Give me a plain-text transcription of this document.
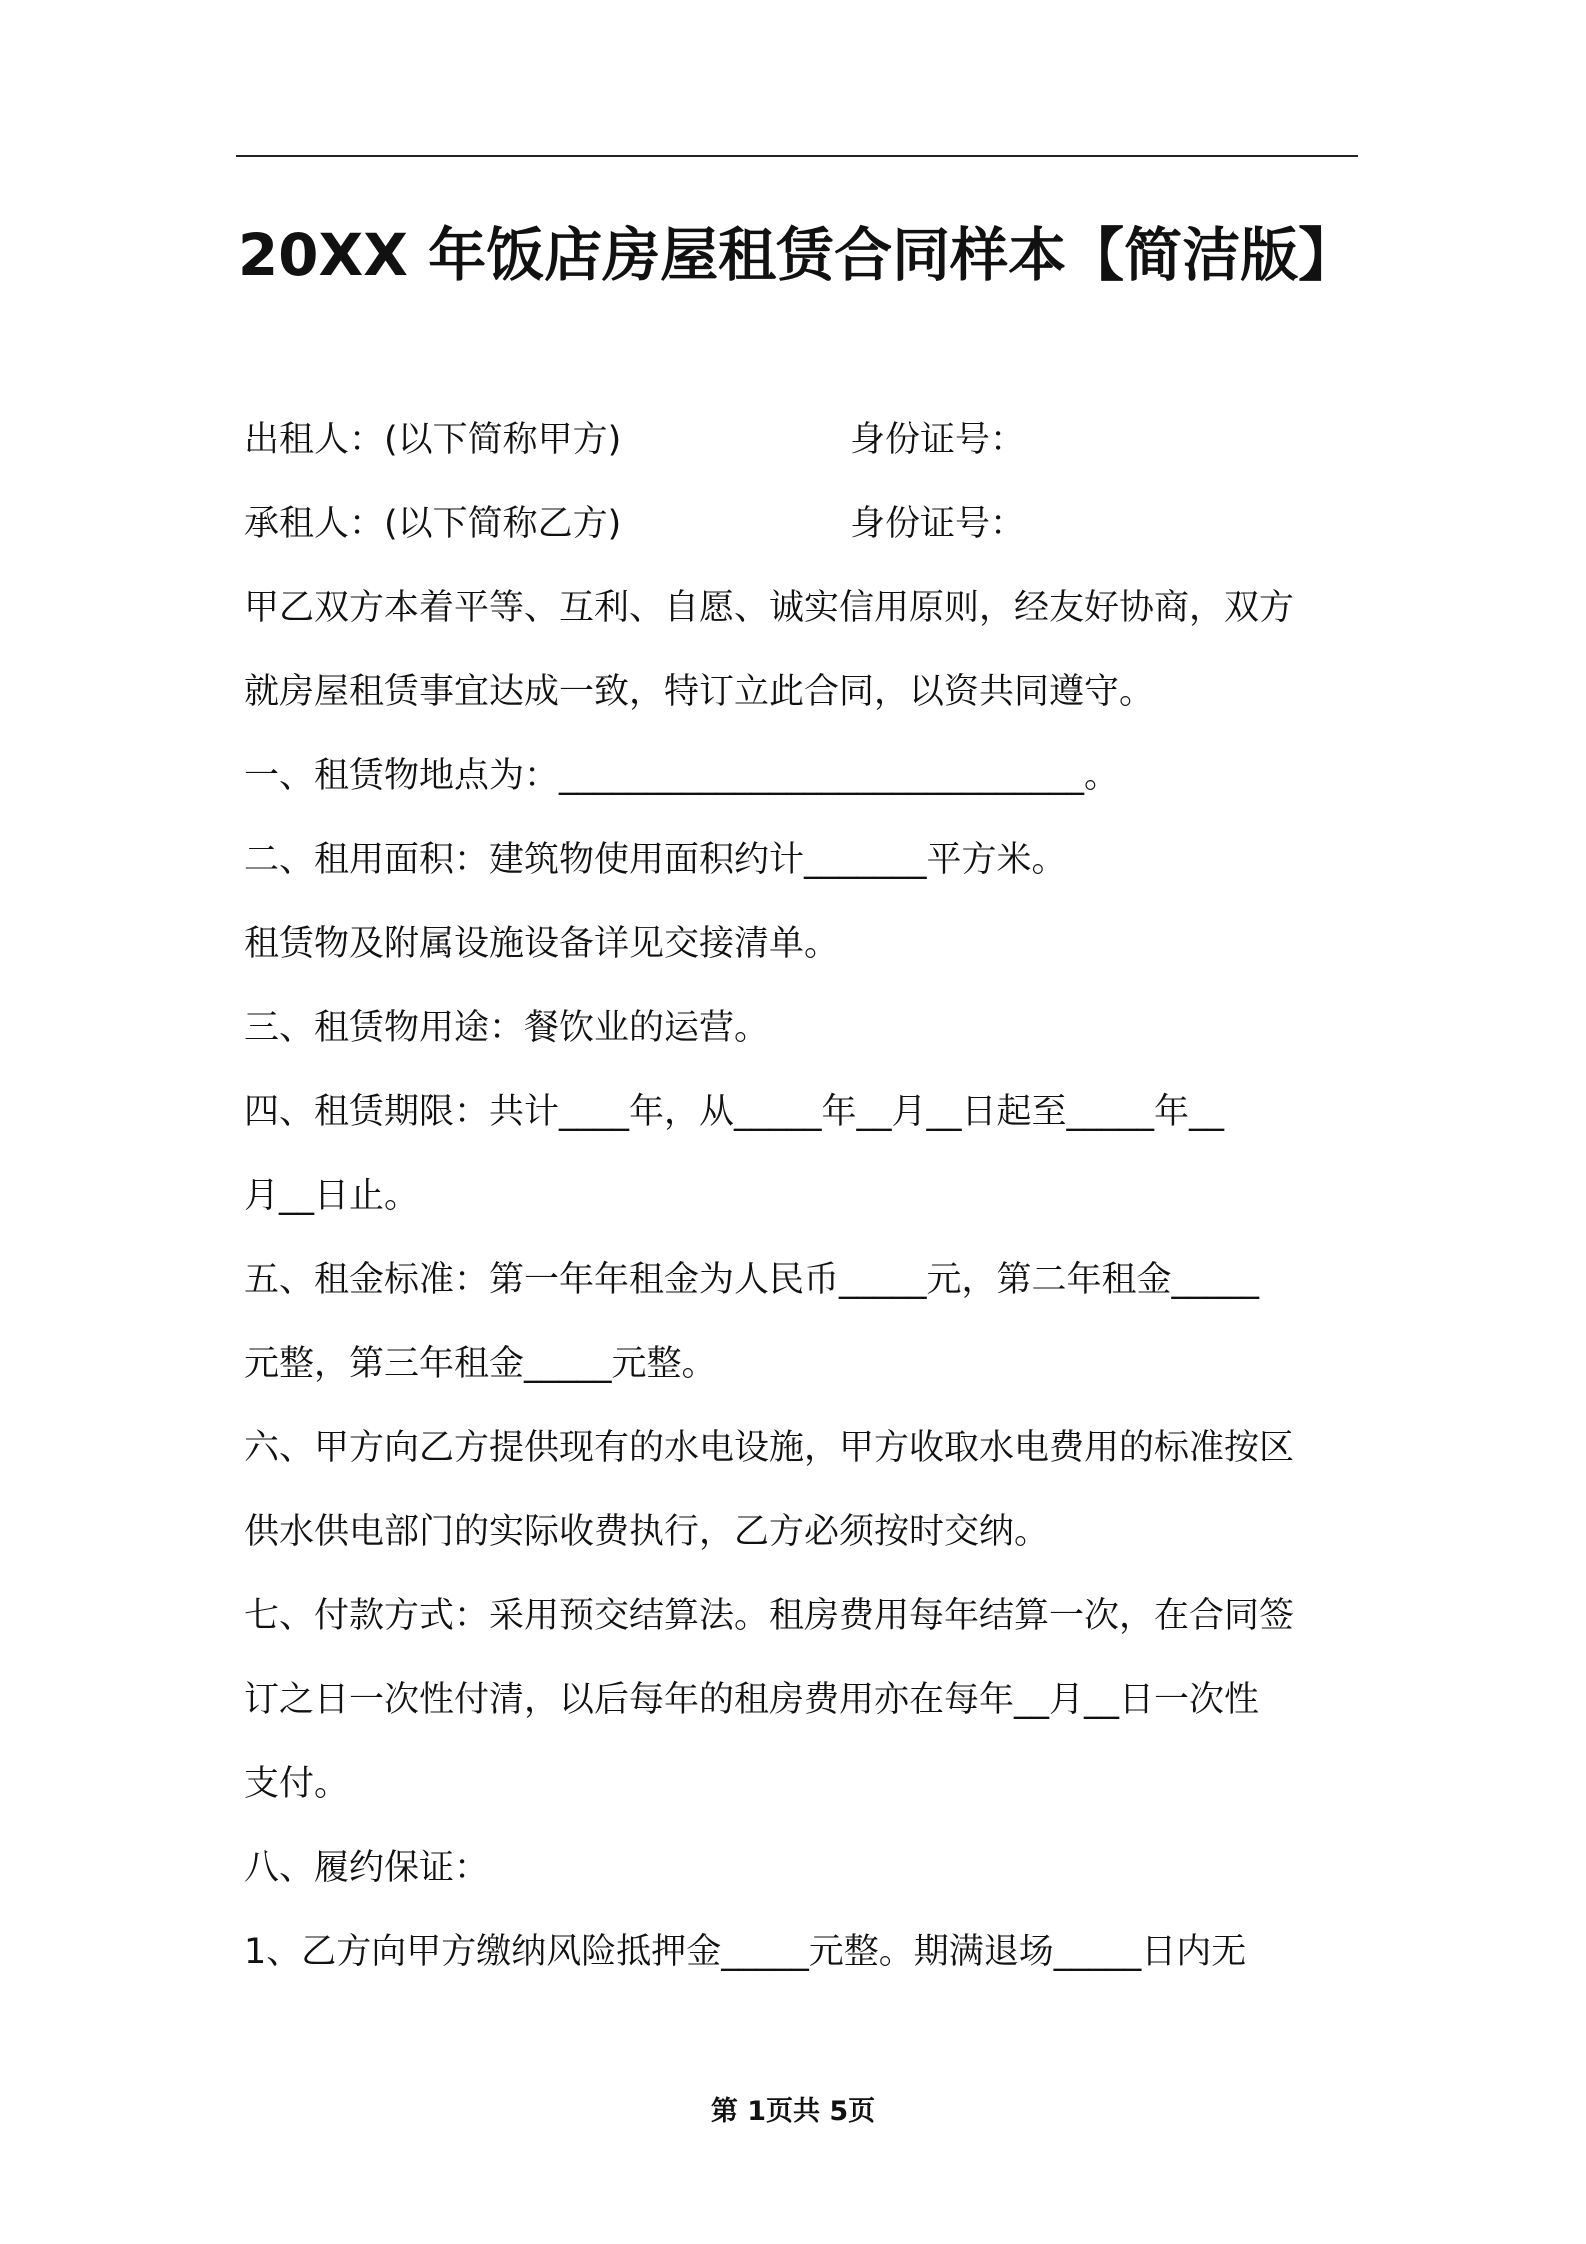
20XX 年饭店房屋租赁合同样本【简洁版】
出租人：(以下简称甲方)	身份证号：
承租人：(以下简称乙方)	身份证号：
甲乙双方本着平等、互利、自愿、诚实信用原则，经友好协商，双方
就房屋租赁事宜达成一致，特订立此合同，以资共同遵守。
一、租赁物地点为：______________________________。
二、租用面积：建筑物使用面积约计_______平方米。
租赁物及附属设施设备详见交接清单。
三、租赁物用途：餐饮业的运营。
四、租赁期限：共计____年，从_____年__月__日起至_____年__
月__日止。
五、租金标准：第一年年租金为人民币_____元，第二年租金_____
元整，第三年租金_____元整。
六、甲方向乙方提供现有的水电设施，甲方收取水电费用的标准按区
供水供电部门的实际收费执行，乙方必须按时交纳。
七、付款方式：采用预交结算法。租房费用每年结算一次，在合同签
订之日一次性付清，以后每年的租房费用亦在每年__月__日一次性
支付。
八、履约保证：
1、乙方向甲方缴纳风险抵押金_____元整。期满退场_____日内无
第 1页共 5页
